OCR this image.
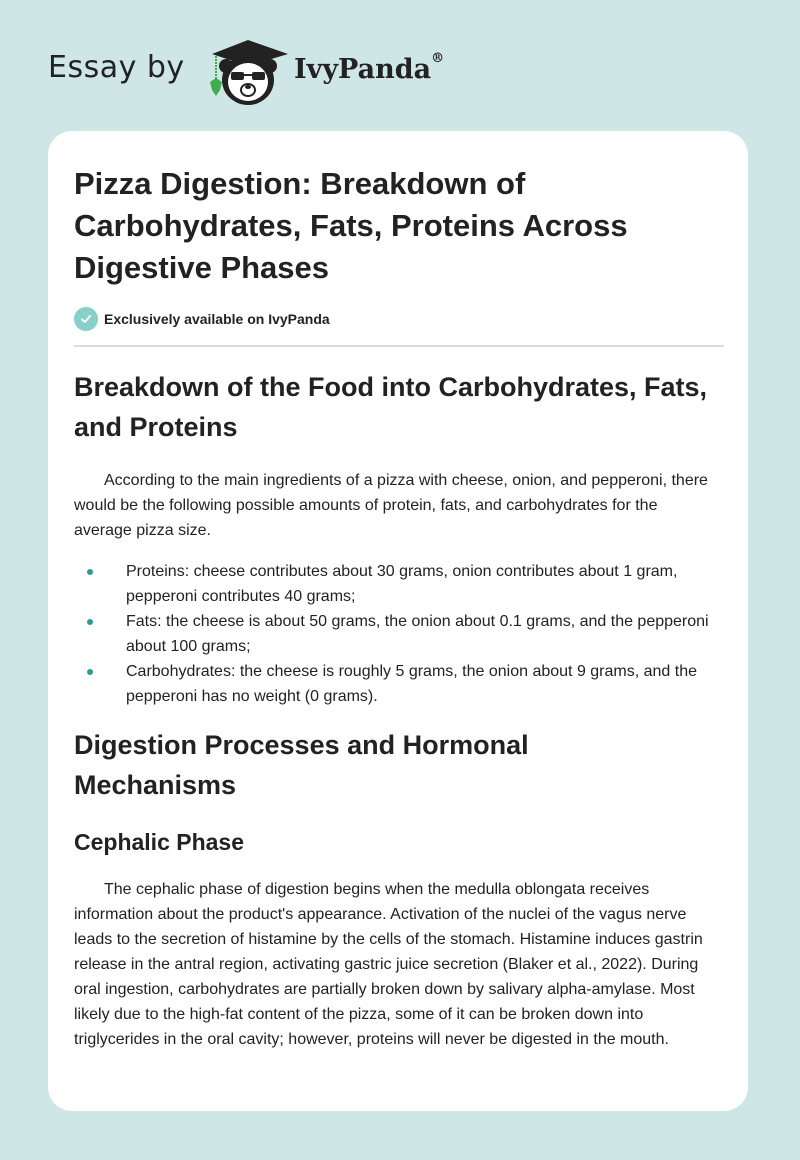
Essay by	IvyPanda®
Pizza Digestion: Breakdown of Carbohydrates, Fats, Proteins Across Digestive Phases
Exclusively available on IvyPanda
Breakdown of the Food into Carbohydrates, Fats, and Proteins

According to the main ingredients of a pizza with cheese, onion, and pepperoni, there would be the following possible amounts of protein, fats, and carbohydrates for the average pizza size.

Proteins: cheese contributes about 30 grams, onion contributes about 1 gram, pepperoni contributes 40 grams;
Fats: the cheese is about 50 grams, the onion about 0.1 grams, and the pepperoni about 100 grams;
Carbohydrates: the cheese is roughly 5 grams, the onion about 9 grams, and the pepperoni has no weight (0 grams).
Digestion Processes and Hormonal Mechanisms
Cephalic Phase

The cephalic phase of digestion begins when the medulla oblongata receives information about the product's appearance. Activation of the nuclei of the vagus nerve leads to the secretion of histamine by the cells of the stomach. Histamine induces gastrin release in the antral region, activating gastric juice secretion (Blaker et al., 2022). During oral ingestion, carbohydrates are partially broken down by salivary alpha-amylase. Most likely due to the high-fat content of the pizza, some of it can be broken down into triglycerides in the oral cavity; however, proteins will never be digested in the mouth.
